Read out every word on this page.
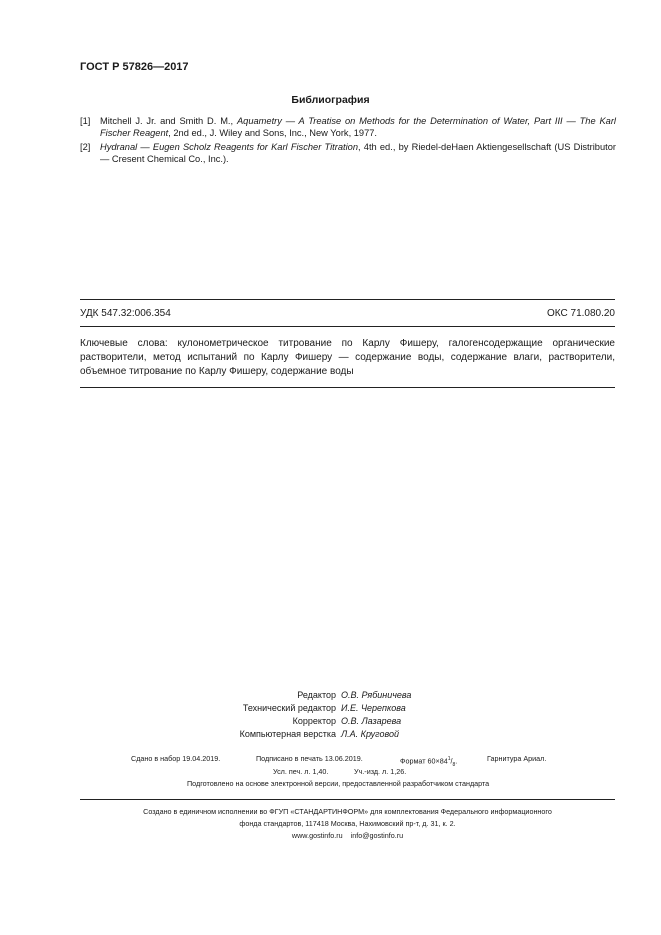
ГОСТ Р 57826—2017
Библиография
[1] Mitchell J. Jr. and Smith D. M., Aquametry — A Treatise on Methods for the Determination of Water, Part III — The Karl Fischer Reagent, 2nd ed., J. Wiley and Sons, Inc., New York, 1977.
[2] Hydranal — Eugen Scholz Reagents for Karl Fischer Titration, 4th ed., by Riedel-deHaen Aktiengesellschaft (US Distributor — Cresent Chemical Co., Inc.).
УДК 547.32:006.354	ОКС 71.080.20
Ключевые слова: кулонометрическое титрование по Карлу Фишеру, галогенсодержащие органические растворители, метод испытаний по Карлу Фишеру — содержание воды, содержание влаги, растворители, объемное титрование по Карлу Фишеру, содержание воды
Редактор О.В. Рябиничева
Технический редактор И.Е. Черепкова
Корректор О.В. Лазарева
Компьютерная верстка Л.А. Круговой
Сдано в набор 19.04.2019.	Подписано в печать 13.06.2019.	Формат $60\times 84^1/_8$.	Гарнитура Ариал.
Усл. печ. л. 1,40.	Уч.-изд. л. 1,26.
Подготовлено на основе электронной версии, предоставленной разработчиком стандарта
Создано в единичном исполнении во ФГУП «СТАНДАРТИНФОРМ» для комплектования Федерального информационного
фонда стандартов, 117418 Москва, Нахимовский пр-т, д. 31, к. 2.
www.gostinfo.ru info@gostinfo.ru
